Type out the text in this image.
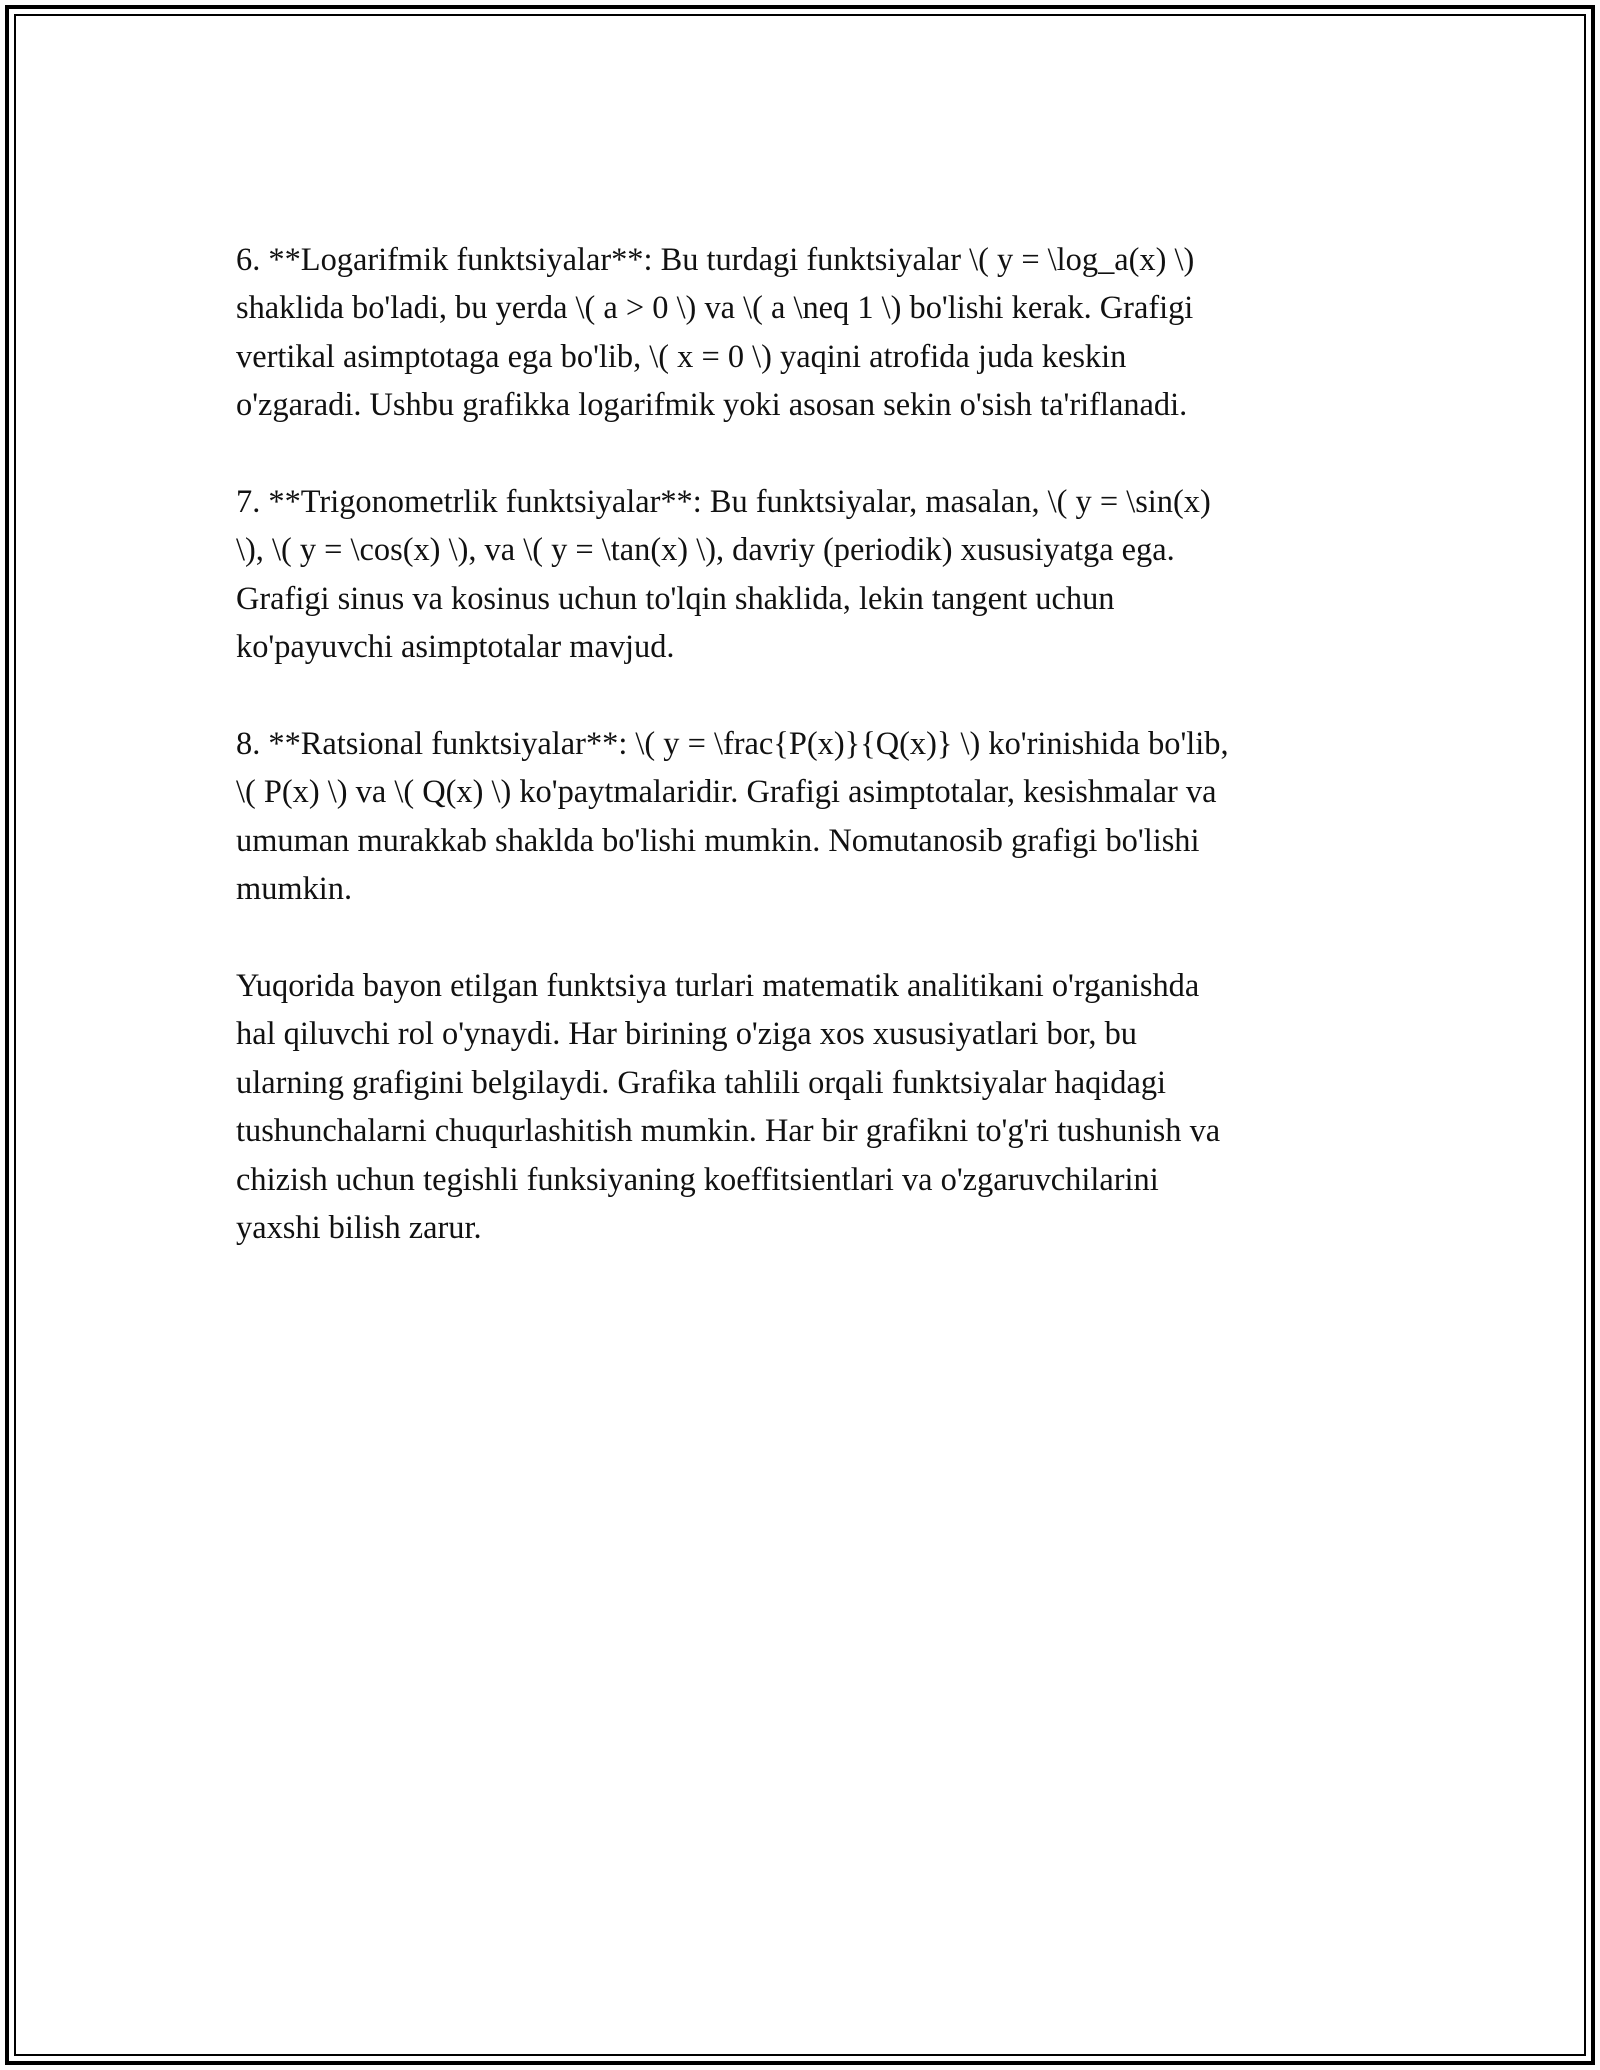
6. **Logarifmik funktsiyalar**: Bu turdagi funktsiyalar \( y = \log_a(x) \)
shaklida bo'ladi, bu yerda \( a > 0 \) va \( a \neq 1 \) bo'lishi kerak. Grafigi
vertikal asimptotaga ega bo'lib, \( x = 0 \) yaqini atrofida juda keskin
o'zgaradi. Ushbu grafikka logarifmik yoki asosan sekin o'sish ta'riflanadi.

7. **Trigonometrlik funktsiyalar**: Bu funktsiyalar, masalan, \( y = \sin(x)
\), \( y = \cos(x) \), va \( y = \tan(x) \), davriy (periodik) xususiyatga ega.
Grafigi sinus va kosinus uchun to'lqin shaklida, lekin tangent uchun
ko'payuvchi asimptotalar mavjud.

8. **Ratsional funktsiyalar**: \( y = \frac{P(x)}{Q(x)} \) ko'rinishida bo'lib,
\( P(x) \) va \( Q(x) \) ko'paytmalaridir. Grafigi asimptotalar, kesishmalar va
umuman murakkab shaklda bo'lishi mumkin. Nomutanosib grafigi bo'lishi
mumkin.

Yuqorida bayon etilgan funktsiya turlari matematik analitikani o'rganishda
hal qiluvchi rol o'ynaydi. Har birining o'ziga xos xususiyatlari bor, bu
ularning grafigini belgilaydi. Grafika tahlili orqali funktsiyalar haqidagi
tushunchalarni chuqurlashitish mumkin. Har bir grafikni to'g'ri tushunish va
chizish uchun tegishli funksiyaning koeffitsientlari va o'zgaruvchilarini
yaxshi bilish zarur.
